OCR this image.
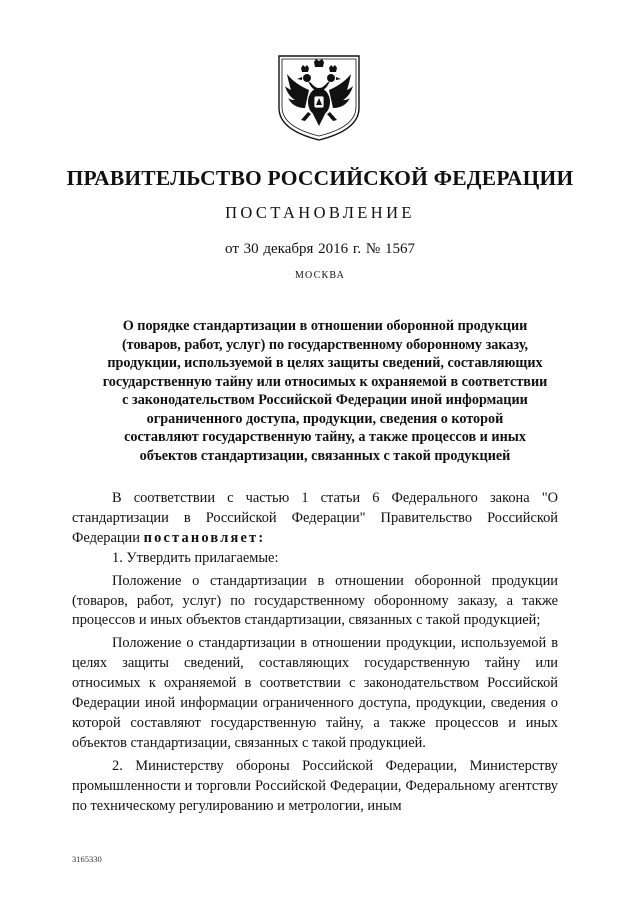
ПРАВИТЕЛЬСТВО РОССИЙСКОЙ ФЕДЕРАЦИИ
ПОСТАНОВЛЕНИЕ
от 30 декабря 2016 г. № 1567
МОСКВА
О порядке стандартизации в отношении оборонной продукции
(товаров, работ, услуг) по государственному оборонному заказу,
продукции, используемой в целях защиты сведений, составляющих
государственную тайну или относимых к охраняемой в соответствии
с законодательством Российской Федерации иной информации
ограниченного доступа, продукции, сведения о которой
составляют государственную тайну, а также процессов и иных
объектов стандартизации, связанных с такой продукцией

В соответствии с частью 1 статьи 6 Федерального закона "О стандартизации в Российской Федерации" Правительство Российской Федерации постановляет:

1. Утвердить прилагаемые:

Положение о стандартизации в отношении оборонной продукции (товаров, работ, услуг) по государственному оборонному заказу, а также процессов и иных объектов стандартизации, связанных с такой продукцией;

Положение о стандартизации в отношении продукции, используемой в целях защиты сведений, составляющих государственную тайну или относимых к охраняемой в соответствии с законодательством Российской Федерации иной информации ограниченного доступа, продукции, сведения о которой составляют государственную тайну, а также процессов и иных объектов стандартизации, связанных с такой продукцией.

2. Министерству обороны Российской Федерации, Министерству промышленности и торговли Российской Федерации, Федеральному агентству по техническому регулированию и метрологии, иным

3165330
